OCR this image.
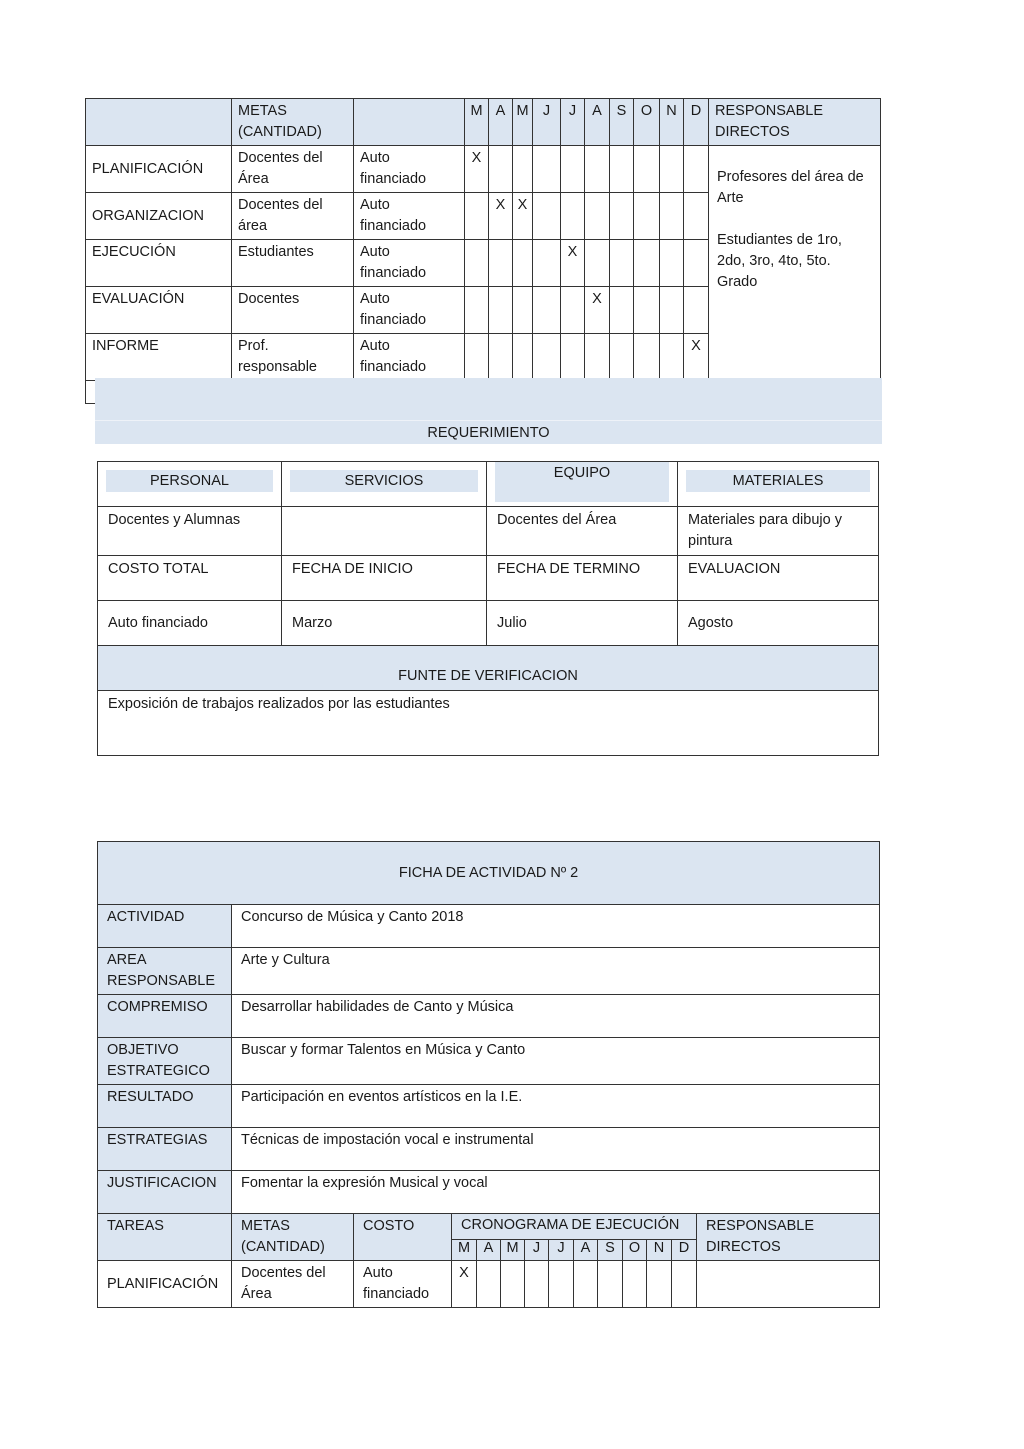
	METAS (CANTIDAD)		M	A	M	J	J	A	S	O	N	D	RESPONSABLE DIRECTOS
PLANIFICACIÓN	Docentes del Área	Auto financiado	X										Profesores del área de Arte
Estudiantes de 1ro, 2do, 3ro, 4to, 5to. Grado

ORGANIZACION	Docentes del área	Auto financiado		X	X								
EJECUCIÓN	Estudiantes	Auto financiado					X						
EVALUACIÓN	Docentes	Auto financiado						X					
INFORME	Prof. responsable	Auto financiado										X	

REQUERIMIENTO
PERSONAL	SERVICIOS	EQUIPO	MATERIALES

Docentes y Alumnas		Docentes del Área	Materiales para dibujo y pintura
COSTO TOTAL	FECHA DE INICIO	FECHA DE TERMINO	EVALUACION
Auto financiado	Marzo	Julio	Agosto
FUNTE DE VERIFICACION			
Exposición de trabajos realizados por las estudiantes			
FICHA DE ACTIVIDAD Nº 2													
ACTIVIDAD	Concurso de Música y Canto 2018												
AREA RESPONSABLE	Arte y Cultura												
COMPREMISO	Desarrollar habilidades de Canto y Música												
OBJETIVO ESTRATEGICO	Buscar y formar Talentos en Música y Canto												
RESULTADO	Participación en eventos artísticos en la I.E.												
ESTRATEGIAS	Técnicas de impostación vocal e instrumental												
JUSTIFICACION	Fomentar la expresión Musical y vocal												
TAREAS	METAS (CANTIDAD)	COSTO	CRONOGRAMA DE EJECUCIÓN										RESPONSABLE DIRECTOS
			M	A	M	J	J	A	S	O	N	D	
PLANIFICACIÓN	Docentes del Área	Auto financiado	X										
